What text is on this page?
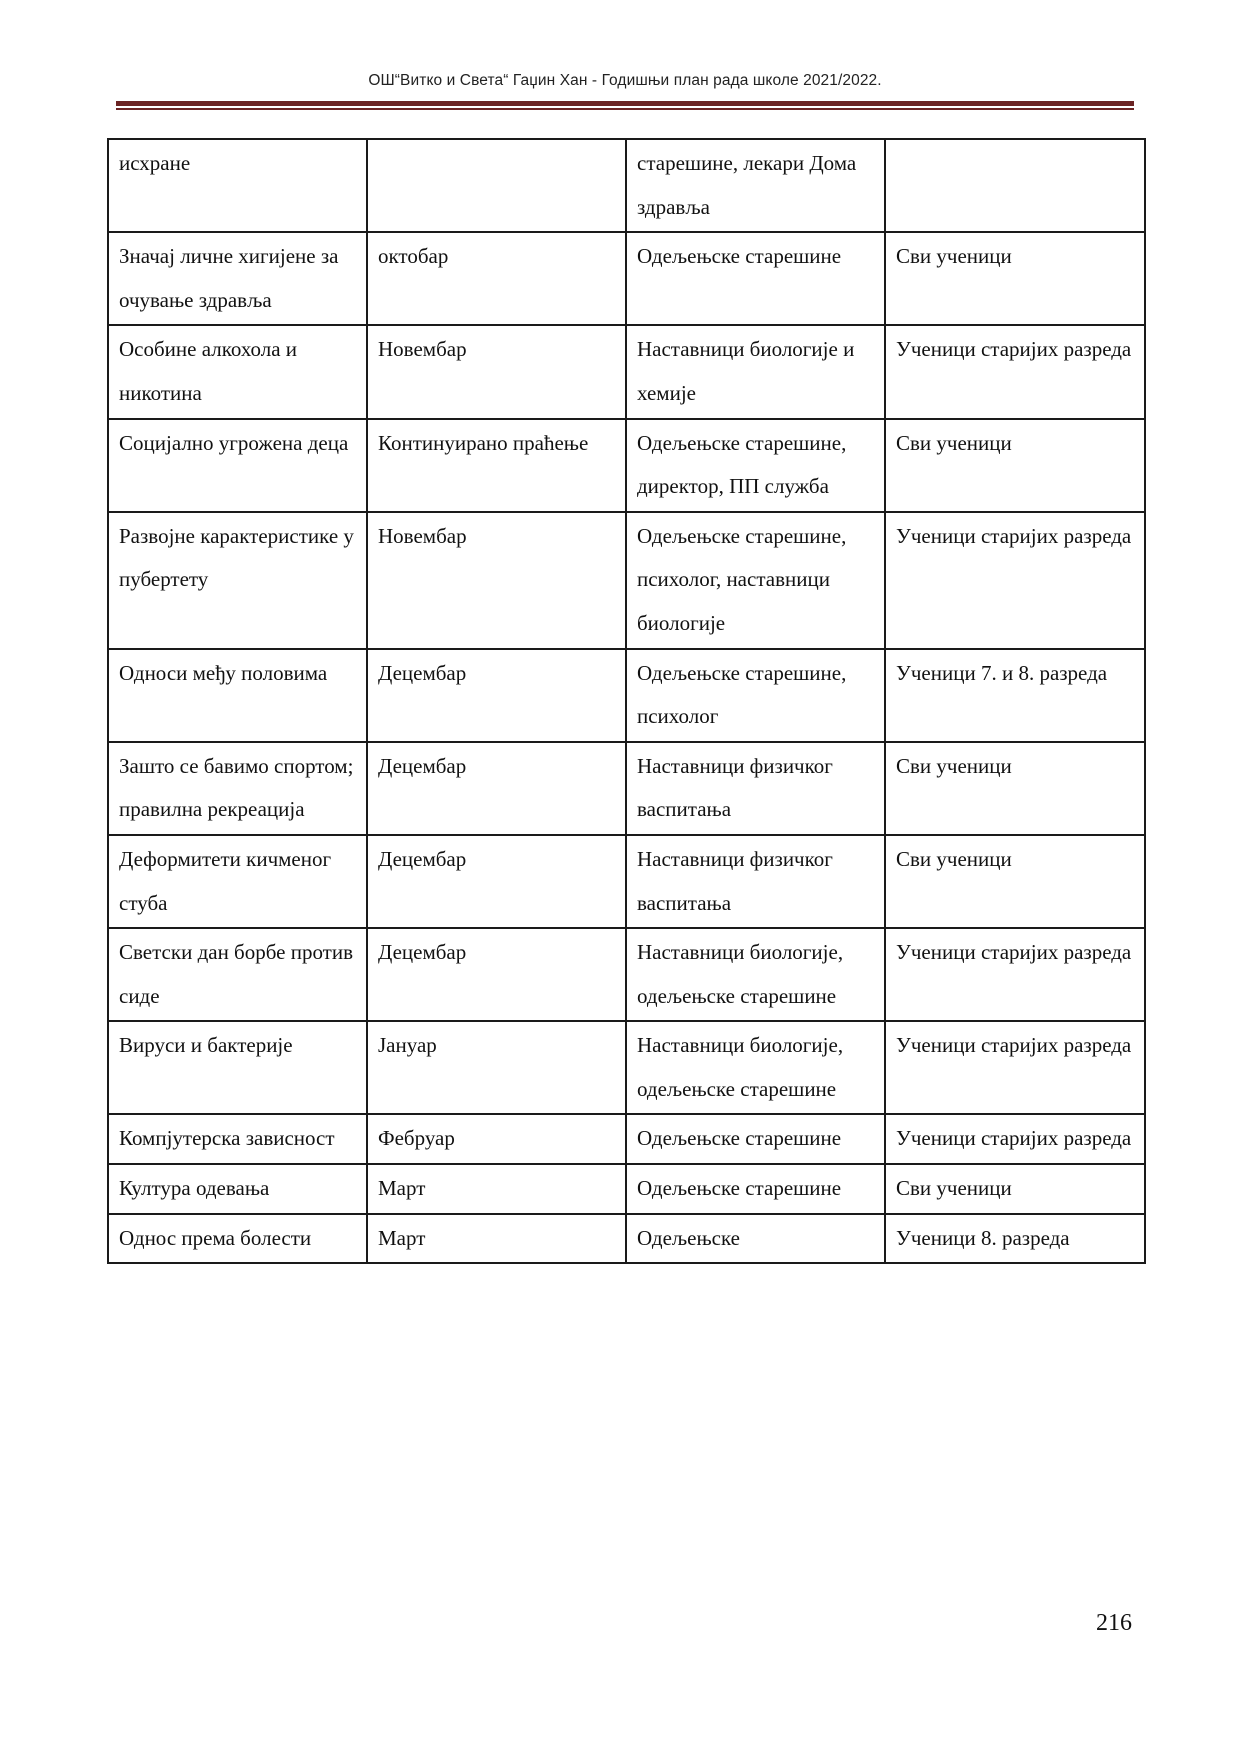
ОШ“Витко и Света“ Гаџин Хан - Годишњи план рада школе 2021/2022.
исхране		старешине, лекари Дома здравља	
Значај личне хигијене за очување здравља	октобар	Одељењске старешине	Сви ученици
Особине алкохола и никотина	Новембар	Наставници биологије и хемије	Ученици старијих разреда
Социјално угрожена деца	Континуирано праћење	Одељењске старешине, директор, ПП служба	Сви ученици
Развојне карактеристике у пубертету	Новембар	Одељењске старешине, психолог, наставници биологије	Ученици старијих разреда
Односи међу половима	Децембар	Одељењске старешине, психолог	Ученици 7. и 8. разреда
Зашто се бавимо спортом; правилна рекреација	Децембар	Наставници физичког васпитања	Сви ученици
Деформитети кичменог стуба	Децембар	Наставници физичког васпитања	Сви ученици
Светски дан борбе против сиде	Децембар	Наставници биологије, одељењске старешине	Ученици старијих разреда
Вируси и бактерије	Јануар	Наставници биологије, одељењске старешине	Ученици старијих разреда
Компјутерска зависност	Фебруар	Одељењске старешине	Ученици старијих разреда
Култура одевања	Март	Одељењске старешине	Сви ученици
Однос према болести	Март	Одељењске	Ученици 8. разреда
216
